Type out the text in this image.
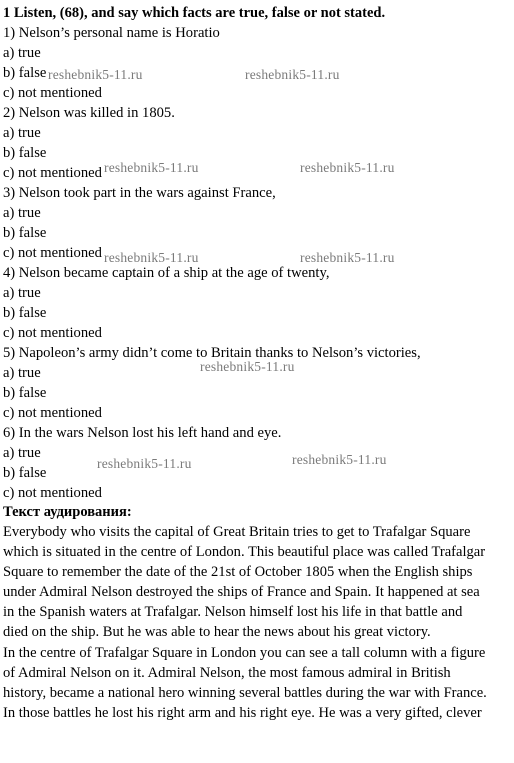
1 Listen, (68), and say which facts are true, false or not stated.
1) Nelson’s personal name is Horatio
a) true
b) false
c) not mentioned
2) Nelson was killed in 1805.
a) true
b) false
c) not mentioned
3) Nelson took part in the wars against France,
a) true
b) false
c) not mentioned
4) Nelson became captain of a ship at the age of twenty,
a) true
b) false
c) not mentioned
5) Napoleon’s army didn’t come to Britain thanks to Nelson’s victories,
a) true
b) false
c) not mentioned
6) In the wars Nelson lost his left hand and eye.
a) true
b) false
c) not mentioned
Текст аудирования:
Everybody who visits the capital of Great Britain tries to get to Trafalgar Square
which is situated in the centre of London. This beautiful place was called Trafalgar
Square to remember the date of the 21st of October 1805 when the English ships
under Admiral Nelson destroyed the ships of France and Spain. It happened at sea
in the Spanish waters at Trafalgar. Nelson himself lost his life in that battle and
died on the ship. But he was able to hear the news about his great victory.
In the centre of Trafalgar Square in London you can see a tall column with a figure
of Admiral Nelson on it. Admiral Nelson, the most famous admiral in British
history, became a national hero winning several battles during the war with France.
In those battles he lost his right arm and his right eye. He was a very gifted, clever
reshebnik5-11.ru	reshebnik5-11.ru
reshebnik5-11.ru	reshebnik5-11.ru
reshebnik5-11.ru	reshebnik5-11.ru
reshebnik5-11.ru
reshebnik5-11.ru	reshebnik5-11.ru
